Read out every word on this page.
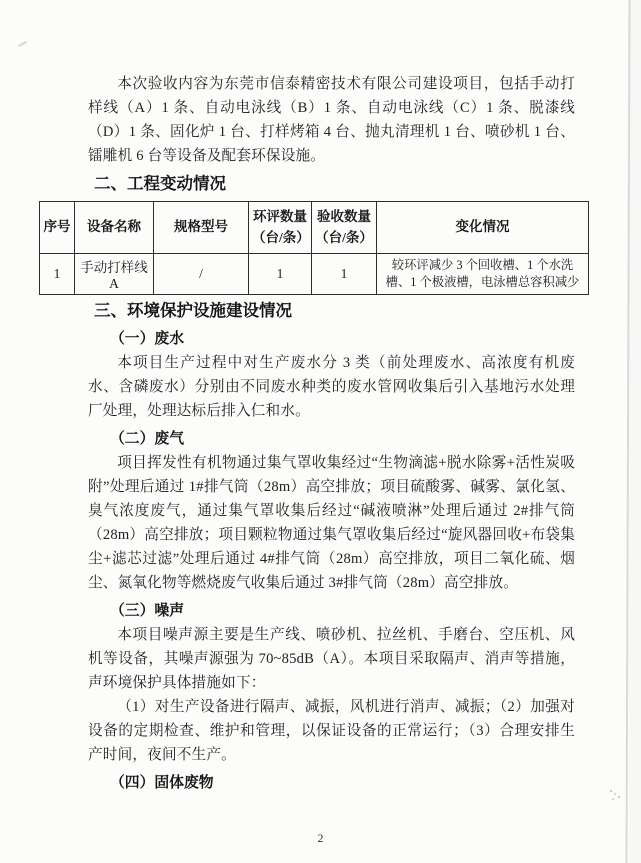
本次验收内容为东莞市信泰精密技术有限公司建设项目，包括手动打样线（A）1 条、自动电泳线（B）1 条、自动电泳线（C）1 条、脱漆线（D）1 条、固化炉 1 台、打样烤箱 4 台、抛丸清理机 1 台、喷砂机 1 台、镭雕机 6 台等设备及配套环保设施。

二、工程变动情况
序号	设备名称	规格型号	环评数量（台/条）	验收数量（台/条）	变化情况
1	手动打样线 A	/	1	1	较环评减少 3 个回收槽、1 个水洗槽、1 个极液槽，电泳槽总容积减少
三、环境保护设施建设情况
（一）废水

本项目生产过程中对生产废水分 3 类（前处理废水、高浓度有机废水、含磷废水）分别由不同废水种类的废水管网收集后引入基地污水处理厂处理，处理达标后排入仁和水。

（二）废气

项目挥发性有机物通过集气罩收集经过“生物滴滤+脱水除雾+活性炭吸附”处理后通过 1#排气筒（28m）高空排放；项目硫酸雾、碱雾、氯化氢、臭气浓度废气，通过集气罩收集后经过“碱液喷淋”处理后通过 2#排气筒（28m）高空排放；项目颗粒物通过集气罩收集后经过“旋风器回收+布袋集尘+滤芯过滤”处理后通过 4#排气筒（28m）高空排放，项目二氧化硫、烟尘、氮氧化物等燃烧废气收集后通过 3#排气筒（28m）高空排放。

（三）噪声

本项目噪声源主要是生产线、喷砂机、拉丝机、手磨台、空压机、风机等设备，其噪声源强为 70~85dB（A）。本项目采取隔声、消声等措施，声环境保护具体措施如下：

（1）对生产设备进行隔声、减振，风机进行消声、减振；（2）加强对设备的定期检查、维护和管理，以保证设备的正常运行；（3）合理安排生产时间，夜间不生产。

（四）固体废物
2
